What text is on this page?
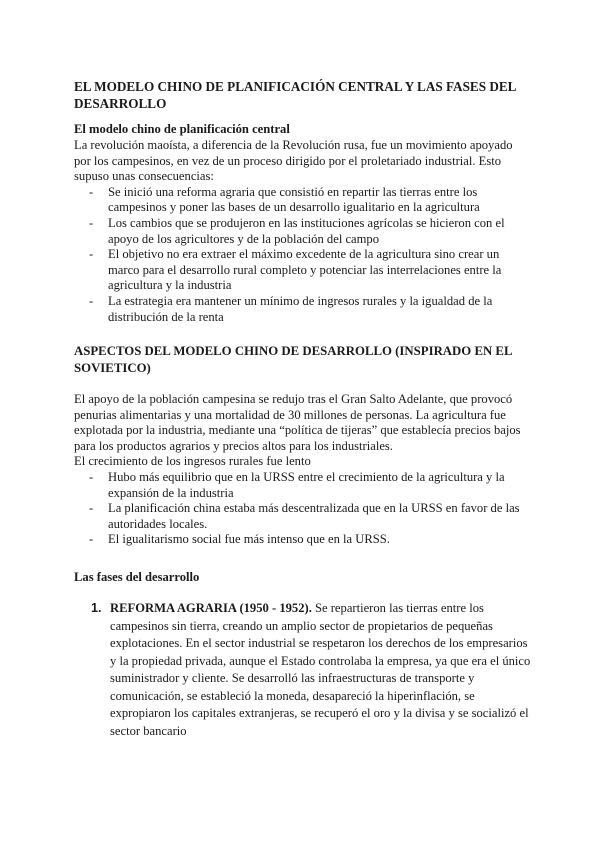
EL MODELO CHINO DE PLANIFICACIÓN CENTRAL Y LAS FASES DEL DESARROLLO
El modelo chino de planificación central

La revolución maoísta, a diferencia de la Revolución rusa, fue un movimiento apoyado por los campesinos, en vez de un proceso dirigido por el proletariado industrial. Esto supuso unas consecuencias:

- Se inició una reforma agraria que consistió en repartir las tierras entre los campesinos y poner las bases de un desarrollo igualitario en la agricultura
- Los cambios que se produjeron en las instituciones agrícolas se hicieron con el apoyo de los agricultores y de la población del campo
- El objetivo no era extraer el máximo excedente de la agricultura sino crear un marco para el desarrollo rural completo y potenciar las interrelaciones entre la agricultura y la industria
- La estrategia era mantener un mínimo de ingresos rurales y la igualdad de la distribución de la renta
ASPECTOS DEL MODELO CHINO DE DESARROLLO (INSPIRADO EN EL SOVIETICO)

El apoyo de la población campesina se redujo tras el Gran Salto Adelante, que provocó penurias alimentarias y una mortalidad de 30 millones de personas. La agricultura fue explotada por la industria, mediante una “política de tijeras” que establecía precios bajos para los productos agrarios y precios altos para los industriales.

El crecimiento de los ingresos rurales fue lento

- Hubo más equilibrio que en la URSS entre el crecimiento de la agricultura y la expansión de la industria
- La planificación china estaba más descentralizada que en la URSS en favor de las autoridades locales.
- El igualitarismo social fue más intenso que en la URSS.
Las fases del desarrollo
1. REFORMA AGRARIA (1950 - 1952). Se repartieron las tierras entre los campesinos sin tierra, creando un amplio sector de propietarios de pequeñas explotaciones. En el sector industrial se respetaron los derechos de los empresarios y la propiedad privada, aunque el Estado controlaba la empresa, ya que era el único suministrador y cliente. Se desarrolló las infraestructuras de transporte y comunicación, se estableció la moneda, desapareció la hiperinflación, se expropiaron los capitales extranjeras, se recuperó el oro y la divisa y se socializó el sector bancario
